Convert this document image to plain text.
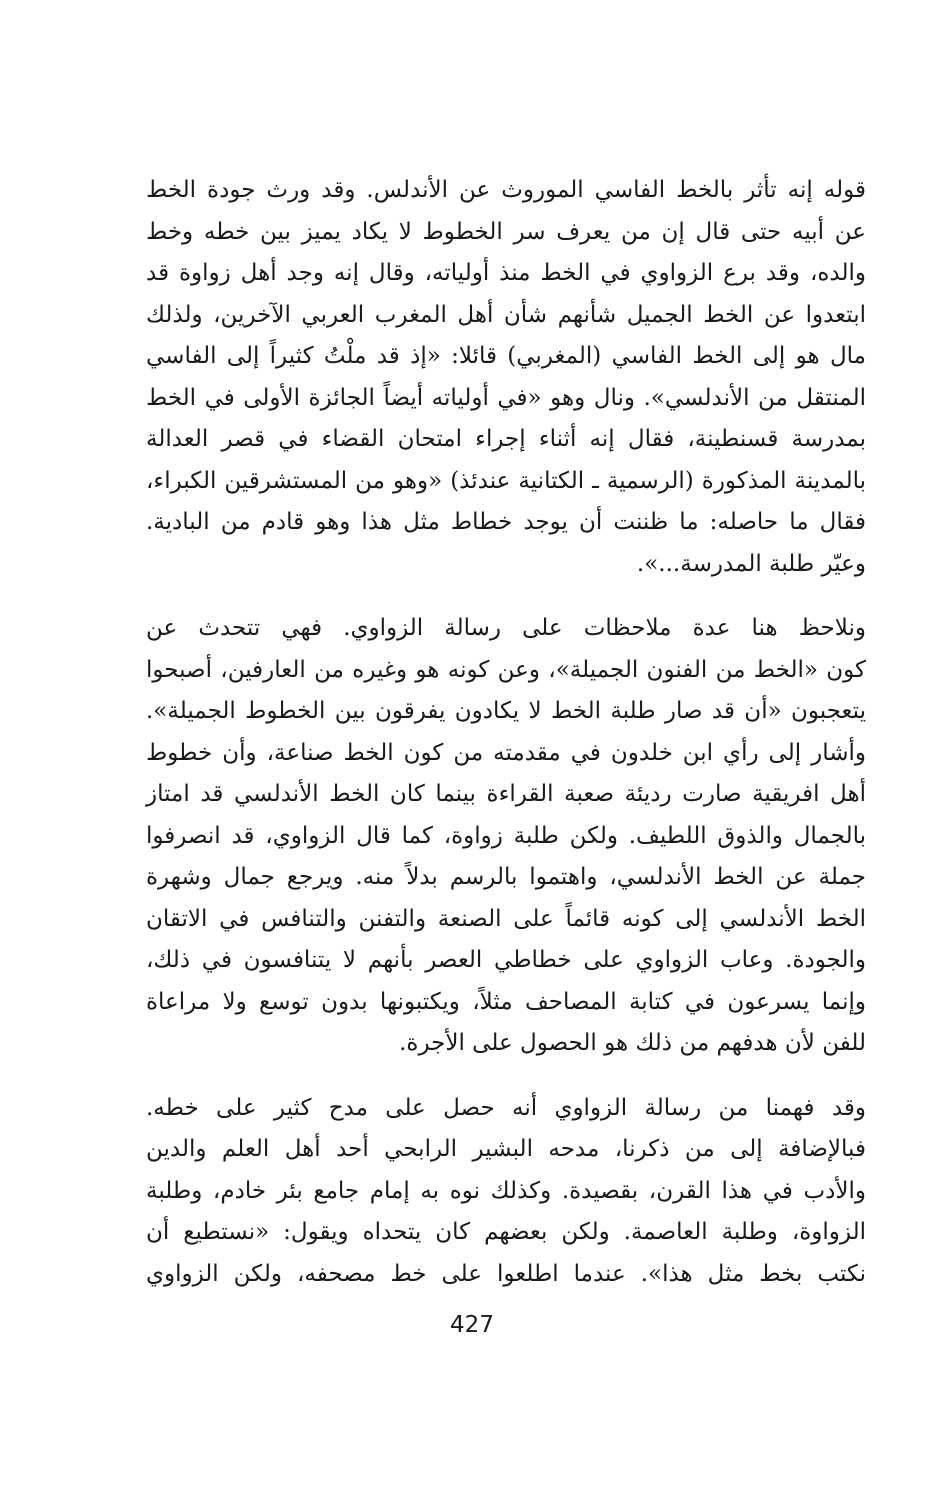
قوله إنه تأثر بالخط الفاسي الموروث عن الأندلس. وقد ورث جودة الخط
عن أبيه حتى قال إن من يعرف سر الخطوط لا يكاد يميز بين خطه وخط
والده، وقد برع الزواوي في الخط منذ أولياته، وقال إنه وجد أهل زواوة قد
ابتعدوا عن الخط الجميل شأنهم شأن أهل المغرب العربي الآخرين، ولذلك
مال هو إلى الخط الفاسي (المغربي) قائلا: «إذ قد ملْتُ كثيراً إلى الفاسي
المنتقل من الأندلسي». ونال وهو «في أولياته أيضاً الجائزة الأولى في الخط
بمدرسة قسنطينة، فقال إنه أثناء إجراء امتحان القضاء في قصر العدالة
بالمدينة المذكورة (الرسمية ـ الكتانية عندئذ) «وهو من المستشرقين الكبراء،
فقال ما حاصله: ما ظننت أن يوجد خطاط مثل هذا وهو قادم من البادية.
وعيّر طلبة المدرسة...».
ونلاحظ هنا عدة ملاحظات على رسالة الزواوي. فهي تتحدث عن
كون «الخط من الفنون الجميلة»، وعن كونه هو وغيره من العارفين، أصبحوا
يتعجبون «أن قد صار طلبة الخط لا يكادون يفرقون بين الخطوط الجميلة».
وأشار إلى رأي ابن خلدون في مقدمته من كون الخط صناعة، وأن خطوط
أهل افريقية صارت رديئة صعبة القراءة بينما كان الخط الأندلسي قد امتاز
بالجمال والذوق اللطيف. ولكن طلبة زواوة، كما قال الزواوي، قد انصرفوا
جملة عن الخط الأندلسي، واهتموا بالرسم بدلاً منه. ويرجع جمال وشهرة
الخط الأندلسي إلى كونه قائماً على الصنعة والتفنن والتنافس في الاتقان
والجودة. وعاب الزواوي على خطاطي العصر بأنهم لا يتنافسون في ذلك،
وإنما يسرعون في كتابة المصاحف مثلاً، ويكتبونها بدون توسع ولا مراعاة
للفن لأن هدفهم من ذلك هو الحصول على الأجرة.
وقد فهمنا من رسالة الزواوي أنه حصل على مدح كثير على خطه.
فبالإضافة إلى من ذكرنا، مدحه البشير الرابحي أحد أهل العلم والدين
والأدب في هذا القرن، بقصيدة. وكذلك نوه به إمام جامع بئر خادم، وطلبة
الزواوة، وطلبة العاصمة. ولكن بعضهم كان يتحداه ويقول: «نستطيع أن
نكتب بخط مثل هذا». عندما اطلعوا على خط مصحفه، ولكن الزواوي
427
